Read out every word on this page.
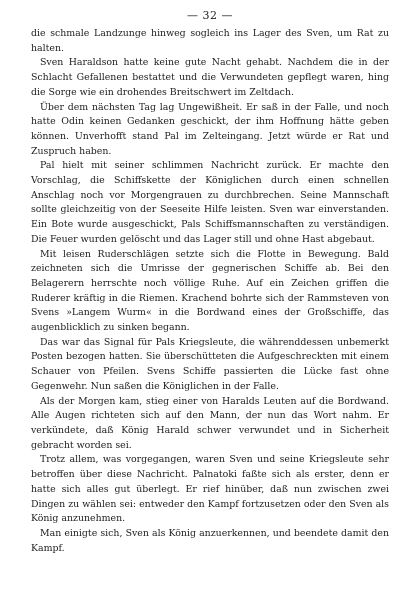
— 32 —

die schmale Landzunge hinweg sogleich ins Lager des Sven, um Rat zu halten.

Sven Haraldson hatte keine gute Nacht gehabt. Nachdem die in der Schlacht Gefallenen bestattet und die Verwundeten gepflegt waren, hing die Sorge wie ein drohendes Breitschwert im Zeltdach.

Über dem nächsten Tag lag Ungewißheit. Er saß in der Falle, und noch hatte Odin keinen Gedanken geschickt, der ihm Hoffnung hätte geben können. Unverhofft stand Pal im Zelteingang. Jetzt würde er Rat und Zuspruch haben.

Pal hielt mit seiner schlimmen Nachricht zurück. Er machte den Vorschlag, die Schiffskette der Königlichen durch einen schnellen Anschlag noch vor Morgengrauen zu durchbrechen. Seine Mannschaft sollte gleichzeitig von der Seeseite Hilfe leisten. Sven war einverstanden. Ein Bote wurde ausgeschickt, Pals Schiffsmannschaften zu verständigen. Die Feuer wurden gelöscht und das Lager still und ohne Hast abgebaut.

Mit leisen Ruderschlägen setzte sich die Flotte in Bewegung. Bald zeichneten sich die Umrisse der gegnerischen Schiffe ab. Bei den Belagerern herrschte noch völlige Ruhe. Auf ein Zeichen griffen die Ruderer kräftig in die Riemen. Krachend bohrte sich der Rammsteven von Svens »Langem Wurm« in die Bordwand eines der Großschiffe, das augenblicklich zu sinken begann.

Das war das Signal für Pals Kriegsleute, die währenddessen unbemerkt Posten bezogen hatten. Sie überschütteten die Aufgeschreckten mit einem Schauer von Pfeilen. Svens Schiffe passierten die Lücke fast ohne Gegenwehr. Nun saßen die Königlichen in der Falle.

Als der Morgen kam, stieg einer von Haralds Leuten auf die Bordwand. Alle Augen richteten sich auf den Mann, der nun das Wort nahm. Er verkündete, daß König Harald schwer verwundet und in Sicherheit gebracht worden sei.

Trotz allem, was vorgegangen, waren Sven und seine Kriegsleute sehr betroffen über diese Nachricht. Palnatoki faßte sich als erster, denn er hatte sich alles gut überlegt. Er rief hinüber, daß nun zwischen zwei Dingen zu wählen sei: entweder den Kampf fortzusetzen oder den Sven als König anzunehmen.

Man einigte sich, Sven als König anzuerkennen, und beendete damit den Kampf.
